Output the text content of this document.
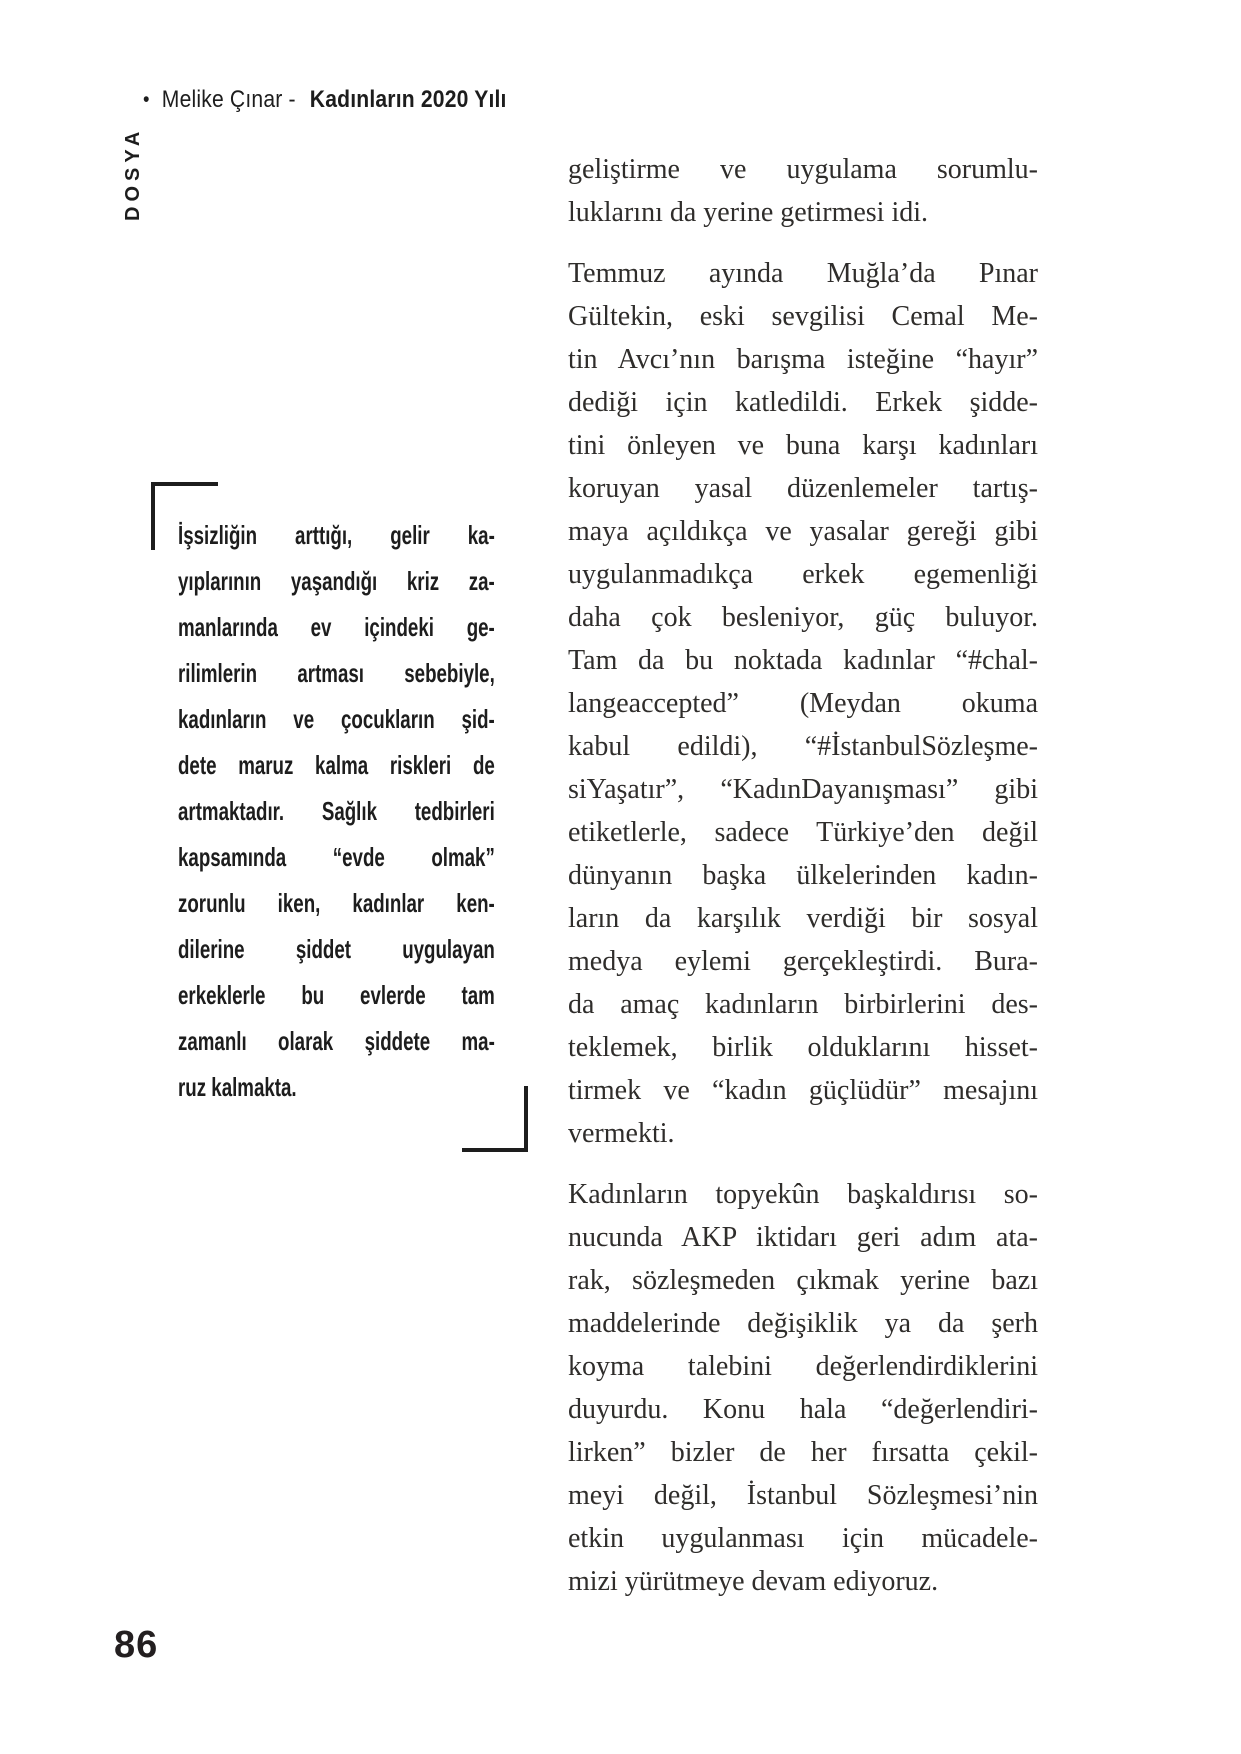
• Melike Çınar - Kadınların 2020 Yılı
DOSYA
İşsizliğin arttığı, gelir ka-
yıplarının yaşandığı kriz za-
manlarında ev içindeki ge-
rilimlerin artması sebebiyle,
kadınların ve çocukların şid-
dete maruz kalma riskleri de
artmaktadır. Sağlık tedbirleri
kapsamında “evde olmak”
zorunlu iken, kadınlar ken-
dilerine şiddet uygulayan
erkeklerle bu evlerde tam
zamanlı olarak şiddete ma-
ruz kalmakta.

geliştirme ve uygulama sorumlu-
luklarını da yerine getirmesi idi.

Temmuz ayında Muğla’da Pınar
Gültekin, eski sevgilisi Cemal Me-
tin Avcı’nın barışma isteğine “hayır”
dediği için katledildi. Erkek şidde-
tini önleyen ve buna karşı kadınları
koruyan yasal düzenlemeler tartış-
maya açıldıkça ve yasalar gereği gibi
uygulanmadıkça erkek egemenliği
daha çok besleniyor, güç buluyor.
Tam da bu noktada kadınlar “#chal-
langeaccepted” (Meydan okuma
kabul edildi), “#İstanbulSözleşme-
siYaşatır”, “KadınDayanışması” gibi
etiketlerle, sadece Türkiye’den değil
dünyanın başka ülkelerinden kadın-
ların da karşılık verdiği bir sosyal
medya eylemi gerçekleştirdi. Bura-
da amaç kadınların birbirlerini des-
teklemek, birlik olduklarını hisset-
tirmek ve “kadın güçlüdür” mesajını
vermekti.

Kadınların topyekûn başkaldırısı so-
nucunda AKP iktidarı geri adım ata-
rak, sözleşmeden çıkmak yerine bazı
maddelerinde değişiklik ya da şerh
koyma talebini değerlendirdiklerini
duyurdu. Konu hala “değerlendiri-
lirken” bizler de her fırsatta çekil-
meyi değil, İstanbul Sözleşmesi’nin
etkin uygulanması için mücadele-
mizi yürütmeye devam ediyoruz.

86
